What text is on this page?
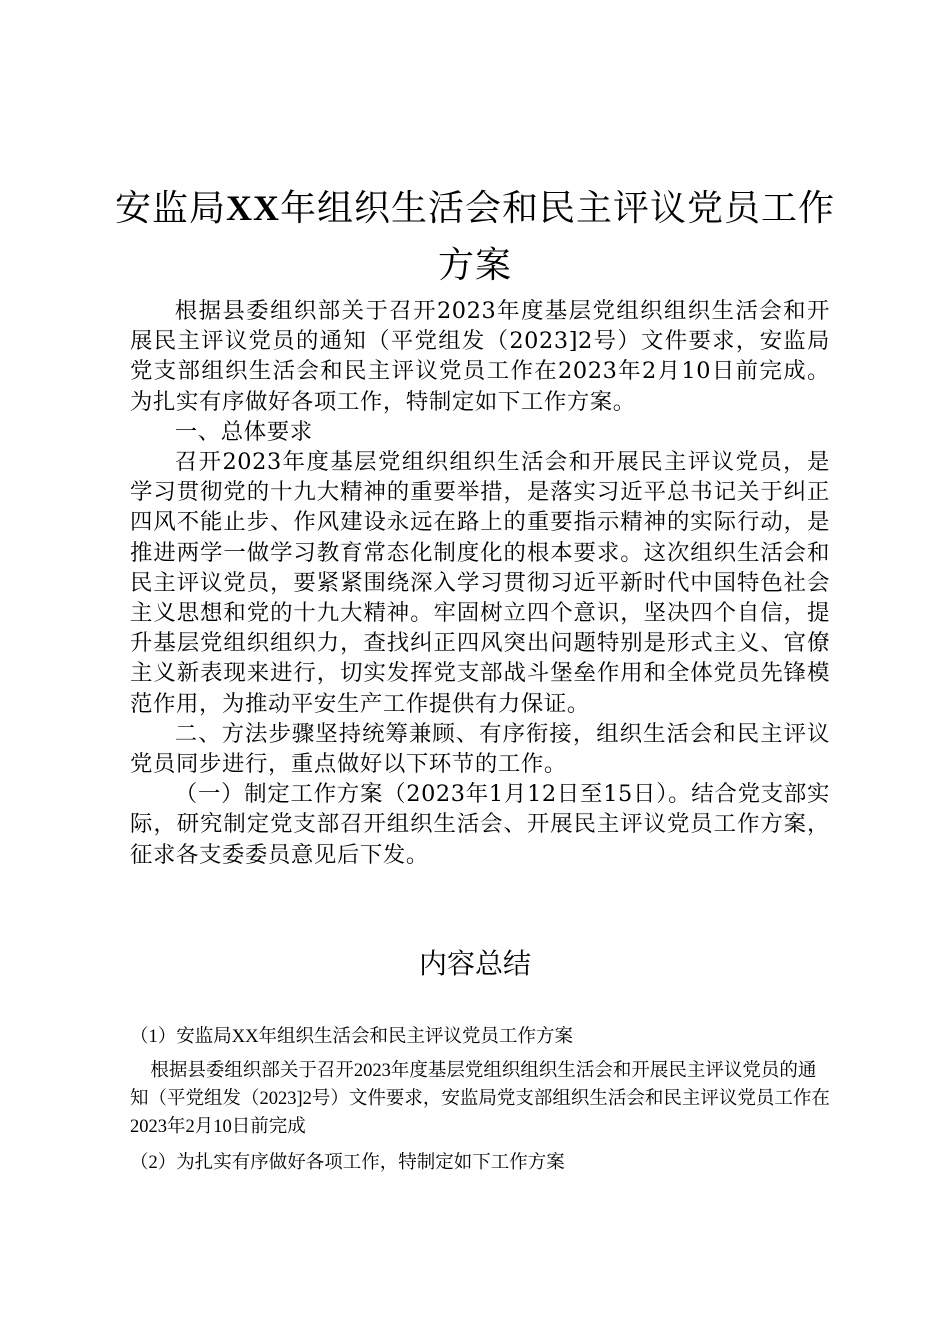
安监局XX年组织生活会和民主评议党员工作
方案

根据县委组织部关于召开2023年度基层党组织组织生活会和开展民主评议党员的通知（平党组发（2023]2号）文件要求，安监局党支部组织生活会和民主评议党员工作在2023年2月10日前完成。为扎实有序做好各项工作，特制定如下工作方案。

一、总体要求

召开2023年度基层党组织组织生活会和开展民主评议党员，是学习贯彻党的十九大精神的重要举措，是落实习近平总书记关于纠正四风不能止步、作风建设永远在路上的重要指示精神的实际行动，是推进两学一做学习教育常态化制度化的根本要求。这次组织生活会和民主评议党员，要紧紧围绕深入学习贯彻习近平新时代中国特色社会主义思想和党的十九大精神。牢固树立四个意识，坚决四个自信，提升基层党组织组织力，查找纠正四风突出问题特别是形式主义、官僚主义新表现来进行，切实发挥党支部战斗堡垒作用和全体党员先锋模范作用，为推动平安生产工作提供有力保证。

二、方法步骤坚持统筹兼顾、有序衔接，组织生活会和民主评议党员同步进行，重点做好以下环节的工作。

（一）制定工作方案（2023年1月12日至15日）。结合党支部实际，研究制定党支部召开组织生活会、开展民主评议党员工作方案，征求各支委委员意见后下发。

内容总结
（1）安监局XX年组织生活会和民主评议党员工作方案
根据县委组织部关于召开2023年度基层党组织组织生活会和开展民主评议党员的通知（平党组发（2023]2号）文件要求，安监局党支部组织生活会和民主评议党员工作在2023年2月10日前完成
（2）为扎实有序做好各项工作，特制定如下工作方案
